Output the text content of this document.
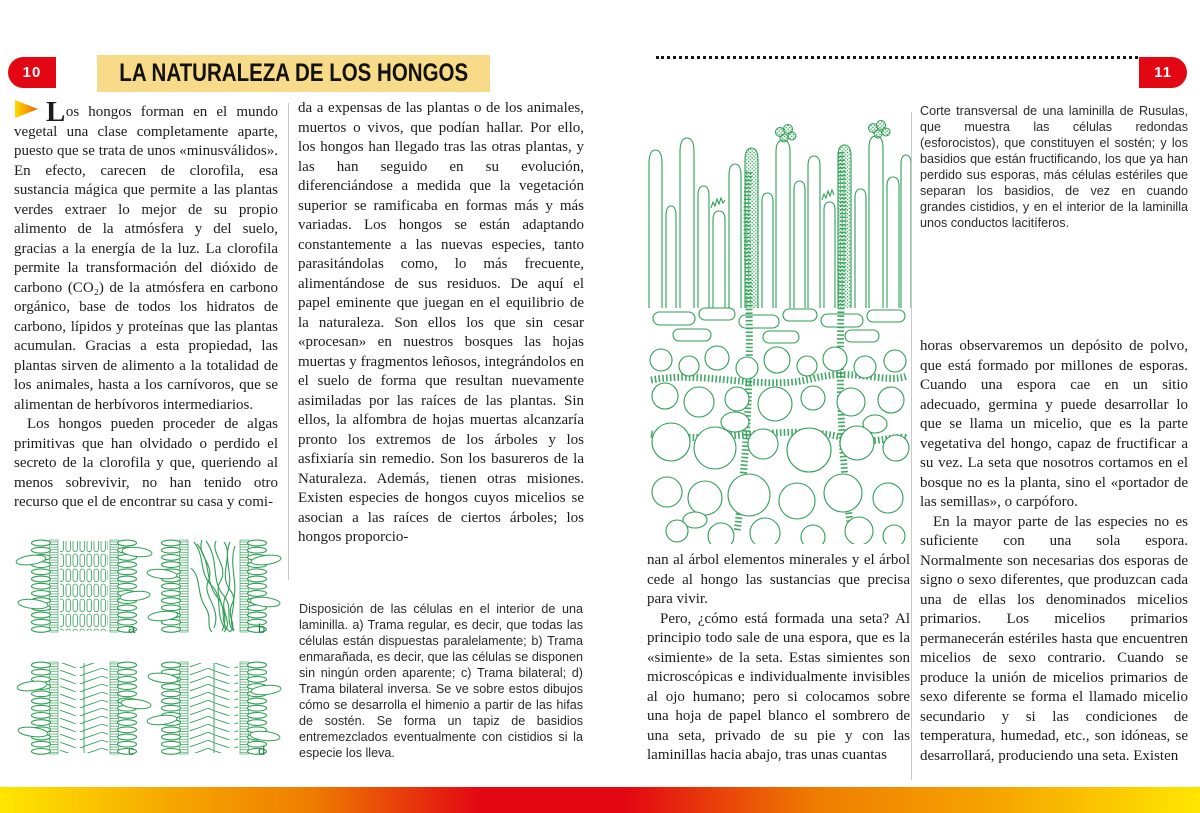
10	LA NATURALEZA DE LOS HONGOS	11

Los hongos forman en el mundo vegetal una clase completamente aparte, puesto que se trata de unos «minusválidos». En efecto, carecen de clorofila, esa sustancia mágica que permite a las plantas verdes extraer lo mejor de su propio alimento de la atmósfera y del suelo, gracias a la energía de la luz. La clorofila permite la transformación del dióxido de carbono (CO₂) de la atmósfera en carbono orgánico, base de todos los hidratos de carbono, lípidos y proteínas que las plantas acumulan. Gracias a esta propiedad, las plantas sirven de alimento a la totalidad de los animales, hasta a los carnívoros, que se alimentan de herbívoros intermediarios.

Los hongos pueden proceder de algas primitivas que han olvidado o perdido el secreto de la clorofila y que, queriendo al menos sobrevivir, no han tenido otro recurso que el de encontrar su casa y comi-

a	b
c	d

da a expensas de las plantas o de los animales, muertos o vivos, que podían hallar. Por ello, los hongos han llegado tras las otras plantas, y las han seguido en su evolución, diferenciándose a medida que la vegetación superior se ramificaba en formas más y más variadas. Los hongos se están adaptando constantemente a las nuevas especies, tanto parasitándolas como, lo más frecuente, alimentándose de sus residuos. De aquí el papel eminente que juegan en el equilibrio de la naturaleza. Son ellos los que sin cesar «procesan» en nuestros bosques las hojas muertas y fragmentos leñosos, integrándolos en el suelo de forma que resultan nuevamente asimiladas por las raíces de las plantas. Sin ellos, la alfombra de hojas muertas alcanzaría pronto los extremos de los árboles y los asfixiaría sin remedio. Son los basureros de la Naturaleza. Además, tienen otras misiones. Existen especies de hongos cuyos micelios se asocian a las raíces de ciertos árboles; los hongos proporcio-

Disposición de las células en el interior de una laminilla. a) Trama regular, es decir, que todas las células están dispuestas paralelamente; b) Trama enmarañada, es decir, que las células se disponen sin ningún orden aparente; c) Trama bilateral; d) Trama bilateral inversa. Se ve sobre estos dibujos cómo se desarrolla el himenio a partir de las hifas de sostén. Se forma un tapiz de basidios entremezclados eventualmente con cistidios si la especie los lleva.

nan al árbol elementos minerales y el árbol cede al hongo las sustancias que precisa para vivir.

Pero, ¿cómo está formada una seta? Al principio todo sale de una espora, que es la «simiente» de la seta. Estas simientes son microscópicas e individualmente invisibles al ojo humano; pero si colocamos sobre una hoja de papel blanco el sombrero de una seta, privado de su pie y con las laminillas hacia abajo, tras unas cuantas

Corte transversal de una laminilla de Rusulas, que muestra las células redondas (esforocistos), que constituyen el sostén; y los basidios que están fructificando, los que ya han perdido sus esporas, más células estériles que separan los basidios, de vez en cuando grandes cistidios, y en el interior de la laminilla unos conductos lacitíferos.

horas observaremos un depósito de polvo, que está formado por millones de esporas. Cuando una espora cae en un sitio adecuado, germina y puede desarrollar lo que se llama un micelio, que es la parte vegetativa del hongo, capaz de fructificar a su vez. La seta que nosotros cortamos en el bosque no es la planta, sino el «portador de las semillas», o carpóforo.

En la mayor parte de las especies no es suficiente con una sola espora. Normalmente son necesarias dos esporas de signo o sexo diferentes, que produzcan cada una de ellas los denominados micelios primarios. Los micelios primarios permanecerán estériles hasta que encuentren micelios de sexo contrario. Cuando se produce la unión de micelios primarios de sexo diferente se forma el llamado micelio secundario y si las condiciones de temperatura, humedad, etc., son idóneas, se desarrollará, produciendo una seta. Existen
